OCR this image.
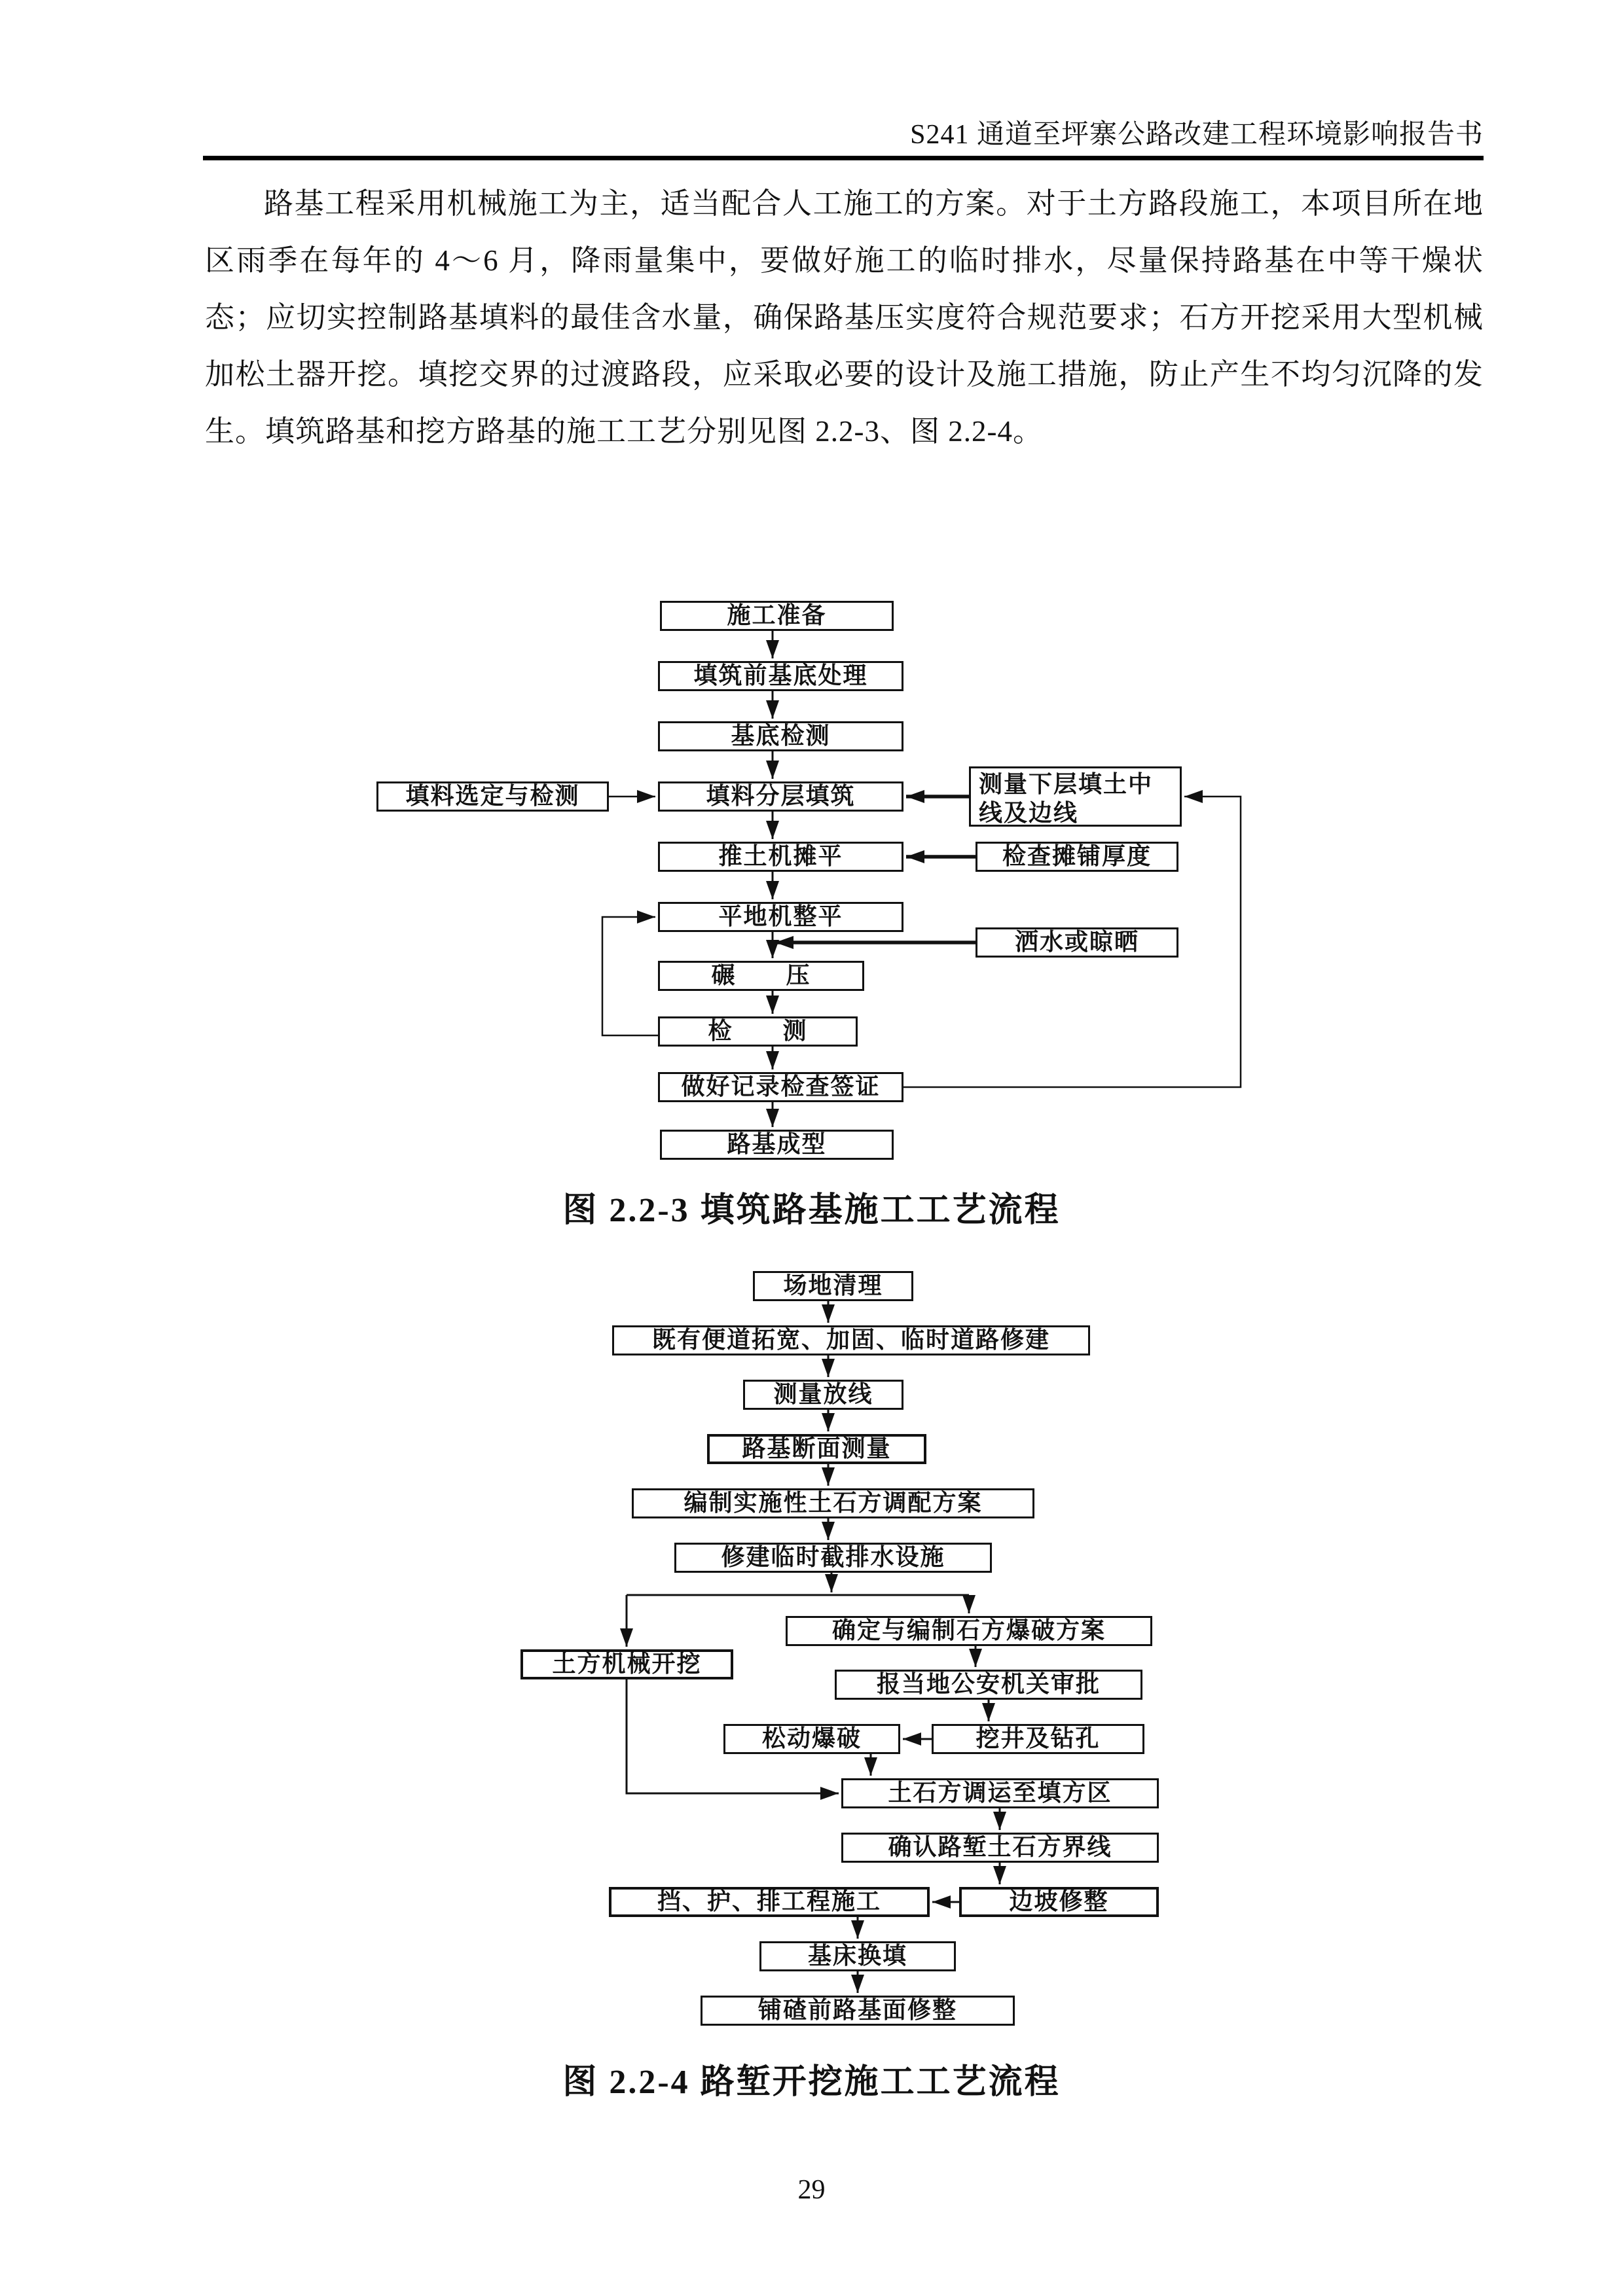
S241 通道至坪寨公路改建工程环境影响报告书
路基工程采用机械施工为主，适当配合人工施工的方案。对于土方路段施工，本项目所在地区雨季在每年的 4～6 月，降雨量集中，要做好施工的临时排水，尽量保持路基在中等干燥状态；应切实控制路基填料的最佳含水量，确保路基压实度符合规范要求；石方开挖采用大型机械加松土器开挖。填挖交界的过渡路段，应采取必要的设计及施工措施，防止产生不均匀沉降的发生。填筑路基和挖方路基的施工工艺分别见图 2.2-3、图 2.2-4。
施工准备
填筑前基底处理
基底检测
填料分层填筑
填料选定与检测	测量下层填土中线及边线
推土机摊平	检查摊铺厚度
平地机整平
洒水或晾晒
碾　　压
检　　测
做好记录检查签证
路基成型
图 2.2-3 填筑路基施工工艺流程
场地清理
既有便道拓宽、加固、临时道路修建
测量放线
路基断面测量
编制实施性土石方调配方案
修建临时截排水设施
确定与编制石方爆破方案
土方机械开挖
报当地公安机关审批
松动爆破	挖井及钻孔
土石方调运至填方区
确认路堑土石方界线
挡、护、排工程施工	边坡修整
基床换填
铺碴前路基面修整
图 2.2-4 路堑开挖施工工艺流程
29
